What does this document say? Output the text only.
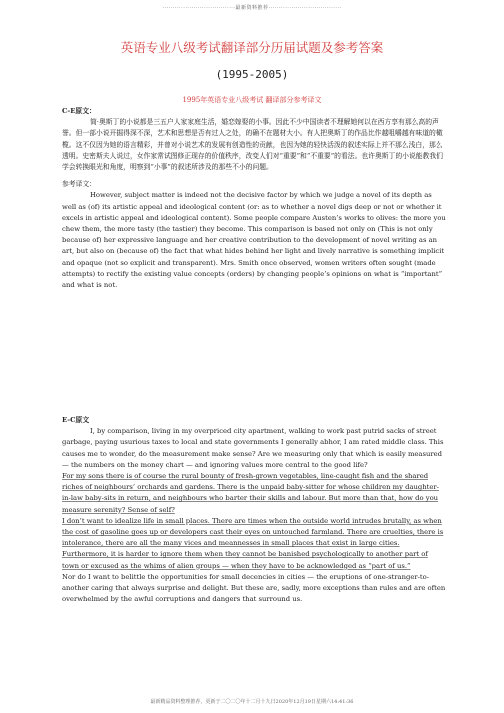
···································最新资料推荐···································
英语专业八级考试翻译部分历届试题及参考答案
(1995-2005)
1995年英语专业八级考试 翻译部分参考译文

C-E原文：

简·奥斯丁的小说都是三五户人家家庭生活，婚恋嫁娶的小事。因此不少中国读者不理解她何以在西方享有那么高的声誉。但一部小说开掘得深不深，艺术和思想是否有过人之处，的确不在题材大小。有人把奥斯丁的作品比作越咀嚼越有味道的橄榄。这不仅因为她的语言精彩，并曾对小说艺术的发展有创造性的贡献，也因为她的轻快活泼的叙述实际上并不那么浅白，那么透明。史密斯夫人说过，女作家常试图修正现存的价值秩序，改变人们对“重要”和“不重要”的看法。也许奥斯丁的小说能教我们学会转换眼光和角度，明察到“小事”的叙述所涉及的那些不小的问题。

参考译文：

However, subject matter is indeed not the decisive factor by which we judge a novel of its depth as well as (of) its artistic appeal and ideological content (or: as to whether a novel digs deep or not or whether it excels in artistic appeal and ideological content). Some people compare Austen’s works to olives: the more you chew them, the more tasty (the tastier) they become. This comparison is based not only on (This is not only because of) her expressive language and her creative contribution to the development of novel writing as an art, but also on (because of) the fact that what hides behind her light and lively narrative is something implicit and opaque (not so explicit and transparent). Mrs. Smith once observed, women writers often sought (made attempts) to rectify the existing value concepts (orders) by changing people’s opinions on what is “important” and what is not.

E-C原文

I, by comparison, living in my overpriced city apartment, walking to work past putrid sacks of street garbage, paying usurious taxes to local and state governments I generally abhor, I am rated middle class. This causes me to wonder, do the measurement make sense? Are we measuring only that which is easily measured — the numbers on the money chart — and ignoring values more central to the good life?

For my sons there is of course the rural bounty of fresh-grown vegetables, line-caught fish and the shared riches of neighbours’ orchards and gardens. There is the unpaid baby-sitter for whose children my daughter-in-law baby-sits in return, and neighbours who barter their skills and labour. But more than that, how do you measure serenity? Sense of self?

I don’t want to idealize life in small places. There are times when the outside world intrudes brutally, as when the cost of gasoline goes up or developers cast their eyes on untouched farmland. There are cruelties, there is intolerance, there are all the many vices and meannesses in small places that exist in large cities. Furthermore, it is harder to ignore them when they cannot be banished psychologically to another part of town or excused as the whims of alien groups — when they have to be acknowledged as “part of us.”

Nor do I want to belittle the opportunities for small decencies in cities — the eruptions of one-stranger-to-another caring that always surprise and delight. But these are, sadly, more exceptions than rules and are often overwhelmed by the awful corruptions and dangers that surround us.

最新精品资料整理推荐，更新于二〇二〇年十二月十九日2020年12月19日星期六14:41:36
